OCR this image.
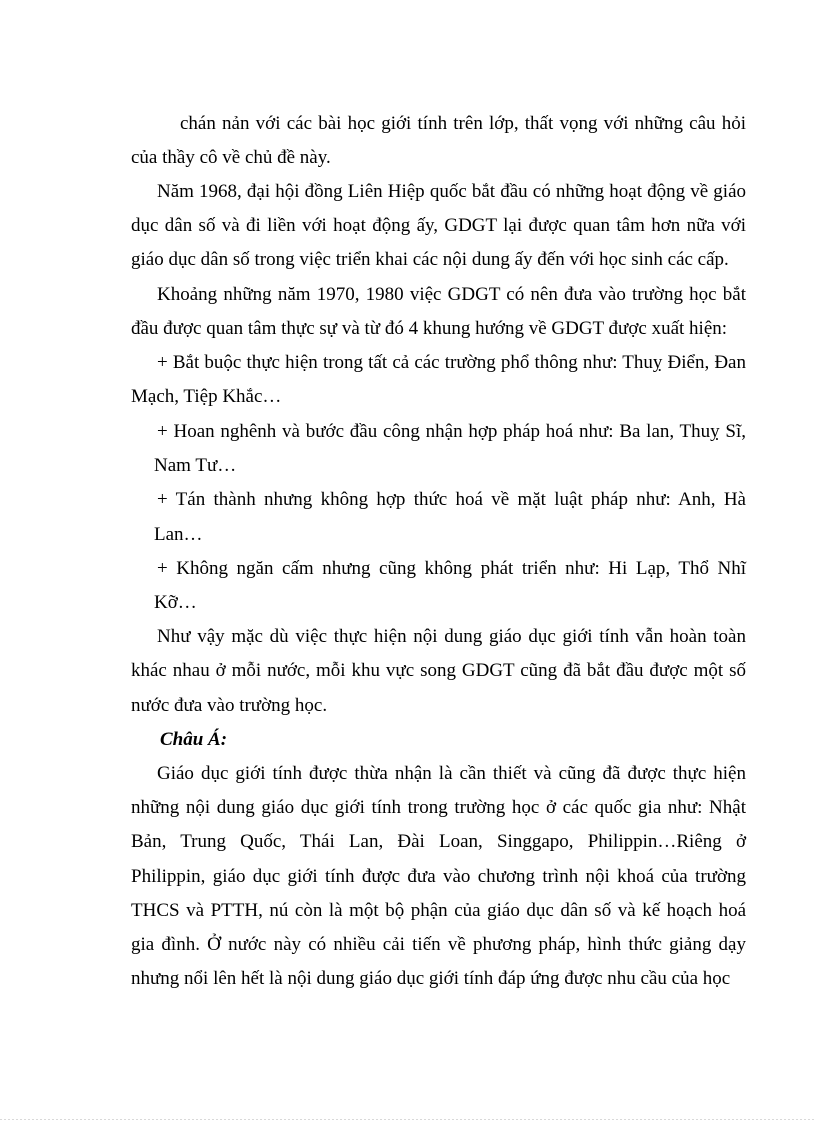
chán nản với các bài học giới tính trên lớp, thất vọng với những câu hỏi
của thầy cô về chủ đề này.
Năm 1968, đại hội đồng Liên Hiệp quốc bắt đầu có những hoạt động về giáo
dục dân số và đi liền với hoạt động ấy, GDGT lại được quan tâm hơn nữa với
giáo dục dân số trong việc triển khai các nội dung ấy đến với học sinh các cấp.
Khoảng những năm 1970, 1980 việc GDGT có nên đưa vào trường học bắt
đầu được quan tâm thực sự và từ đó 4 khung hướng về GDGT được xuất hiện:
+ Bắt buộc thực hiện trong tất cả các trường phổ thông như: Thuỵ Điển, Đan
Mạch, Tiệp Khắc…
+ Hoan nghênh và bước đầu công nhận hợp pháp hoá như: Ba lan, Thuỵ Sĩ,
Nam Tư…
+ Tán thành nhưng không hợp thức hoá về mặt luật pháp như: Anh, Hà
Lan…
+ Không ngăn cấm nhưng cũng không phát triển như: Hi Lạp, Thổ Nhĩ
Kỡ…
Như vậy mặc dù việc thực hiện nội dung giáo dục giới tính vẫn hoàn toàn
khác nhau ở mỗi nước, mỗi khu vực song GDGT cũng đã bắt đầu được một số
nước đưa vào trường học.
Châu Á:
Giáo dục giới tính được thừa nhận là cần thiết và cũng đã được thực hiện
những nội dung giáo dục giới tính trong trường học ở các quốc gia như: Nhật
Bản, Trung Quốc, Thái Lan, Đài Loan, Singgapo, Philippin…Riêng ở
Philippin, giáo dục giới tính được đưa vào chương trình nội khoá của trường
THCS và PTTH, nú còn là một bộ phận của giáo dục dân số và kế hoạch hoá
gia đình. Ở nước này có nhiều cải tiến về phương pháp, hình thức giảng dạy
nhưng nổi lên hết là nội dung giáo dục giới tính đáp ứng được nhu cầu của học
